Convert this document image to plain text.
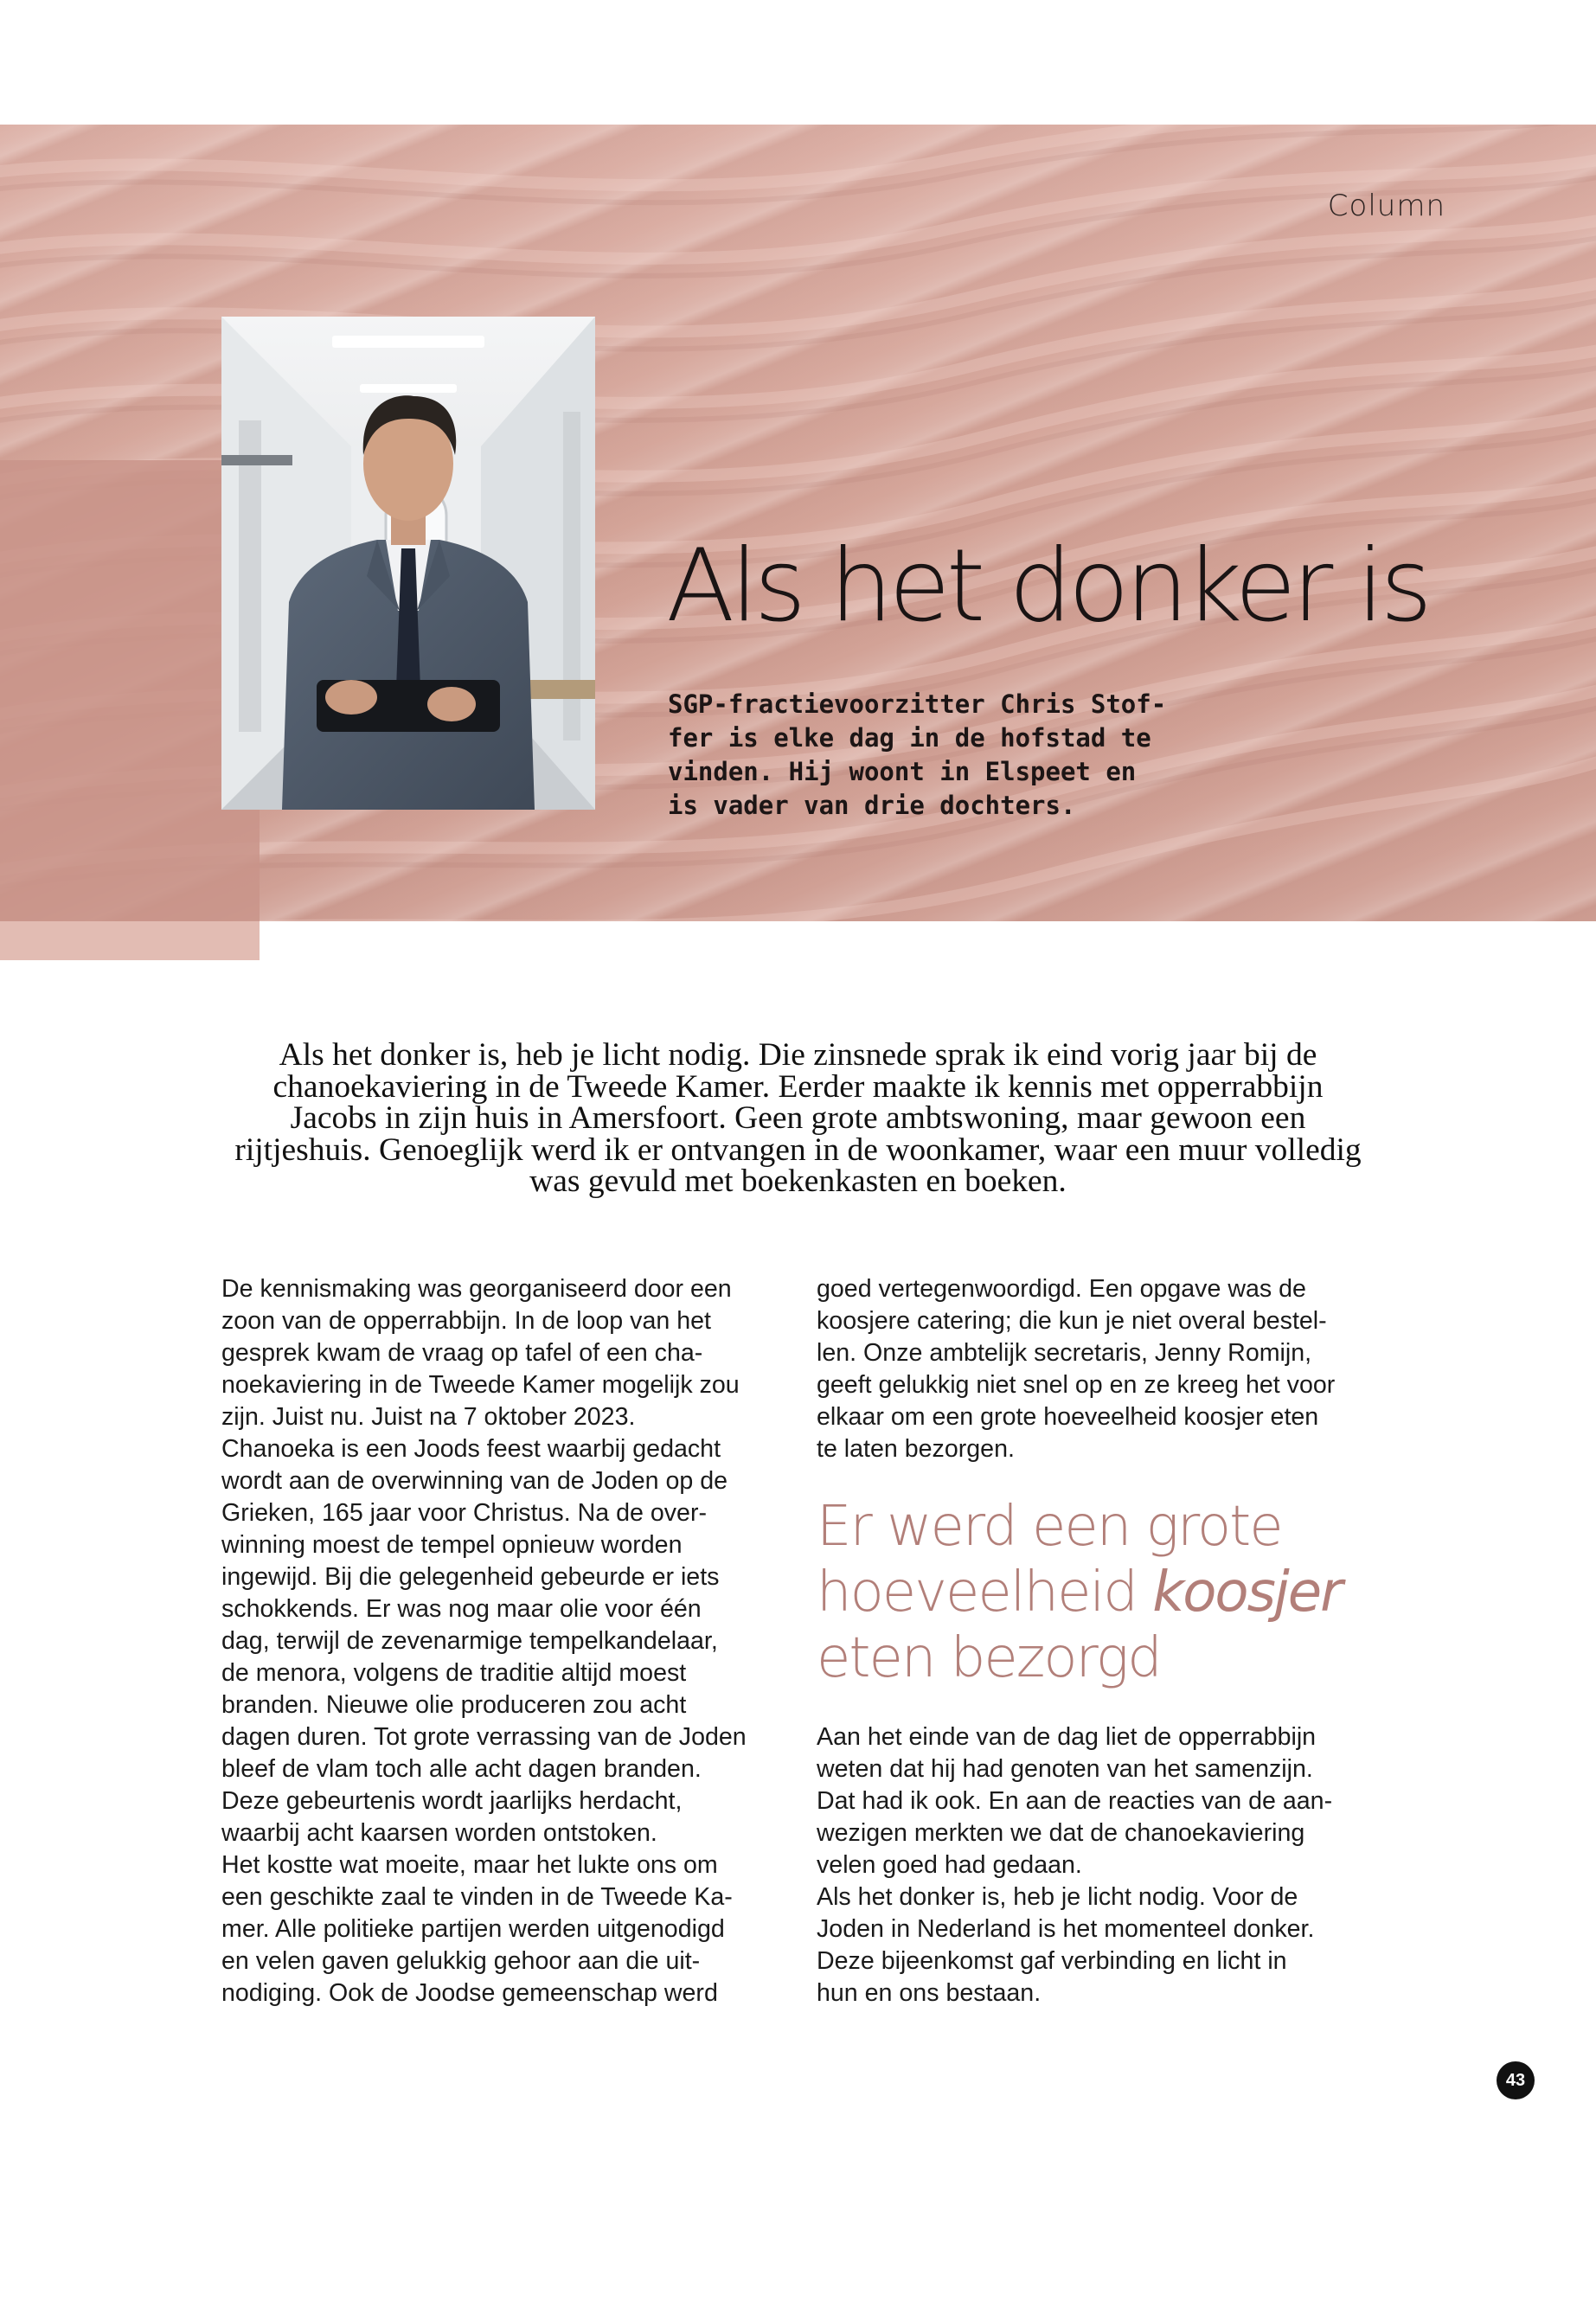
Column
Als het donker is

SGP-fractievoorzitter Chris Stof-
fer is elke dag in de hofstad te
vinden. Hij woont in Elspeet en
is vader van drie dochters.

Als het donker is, heb je licht nodig. Die zinsnede sprak ik eind vorig jaar bij de chanoekaviering in de Tweede Kamer. Eerder maakte ik kennis met opperrabbijn Jacobs in zijn huis in Amersfoort. Geen grote ambtswoning, maar gewoon een rijtjeshuis. Genoeglijk werd ik er ontvangen in de woonkamer, waar een muur volledig was gevuld met boekenkasten en boeken.

De kennismaking was georganiseerd door een
zoon van de opperrabbijn. In de loop van het
gesprek kwam de vraag op tafel of een cha-
noekaviering in de Tweede Kamer mogelijk zou
zijn. Juist nu. Juist na 7 oktober 2023.
Chanoeka is een Joods feest waarbij gedacht
wordt aan de overwinning van de Joden op de
Grieken, 165 jaar voor Christus. Na de over-
winning moest de tempel opnieuw worden
ingewijd. Bij die gelegenheid gebeurde er iets
schokkends. Er was nog maar olie voor één
dag, terwijl de zevenarmige tempelkandelaar,
de menora, volgens de traditie altijd moest
branden. Nieuwe olie produceren zou acht
dagen duren. Tot grote verrassing van de Joden
bleef de vlam toch alle acht dagen branden.
Deze gebeurtenis wordt jaarlijks herdacht,
waarbij acht kaarsen worden ontstoken.
Het kostte wat moeite, maar het lukte ons om
een geschikte zaal te vinden in de Tweede Ka-
mer. Alle politieke partijen werden uitgenodigd
en velen gaven gelukkig gehoor aan die uit-
nodiging. Ook de Joodse gemeenschap werd
goed vertegenwoordigd. Een opgave was de
koosjere catering; die kun je niet overal bestel-
len. Onze ambtelijk secretaris, Jenny Romijn,
geeft gelukkig niet snel op en ze kreeg het voor
elkaar om een grote hoeveelheid koosjer eten
te laten bezorgen.
Er werd een grote
hoeveelheid koosjer
eten bezorgd
Aan het einde van de dag liet de opperrabbijn
weten dat hij had genoten van het samenzijn.
Dat had ik ook. En aan de reacties van de aan-
wezigen merkten we dat de chanoekaviering
velen goed had gedaan.
Als het donker is, heb je licht nodig. Voor de
Joden in Nederland is het momenteel donker.
Deze bijeenkomst gaf verbinding en licht in
hun en ons bestaan.
43
